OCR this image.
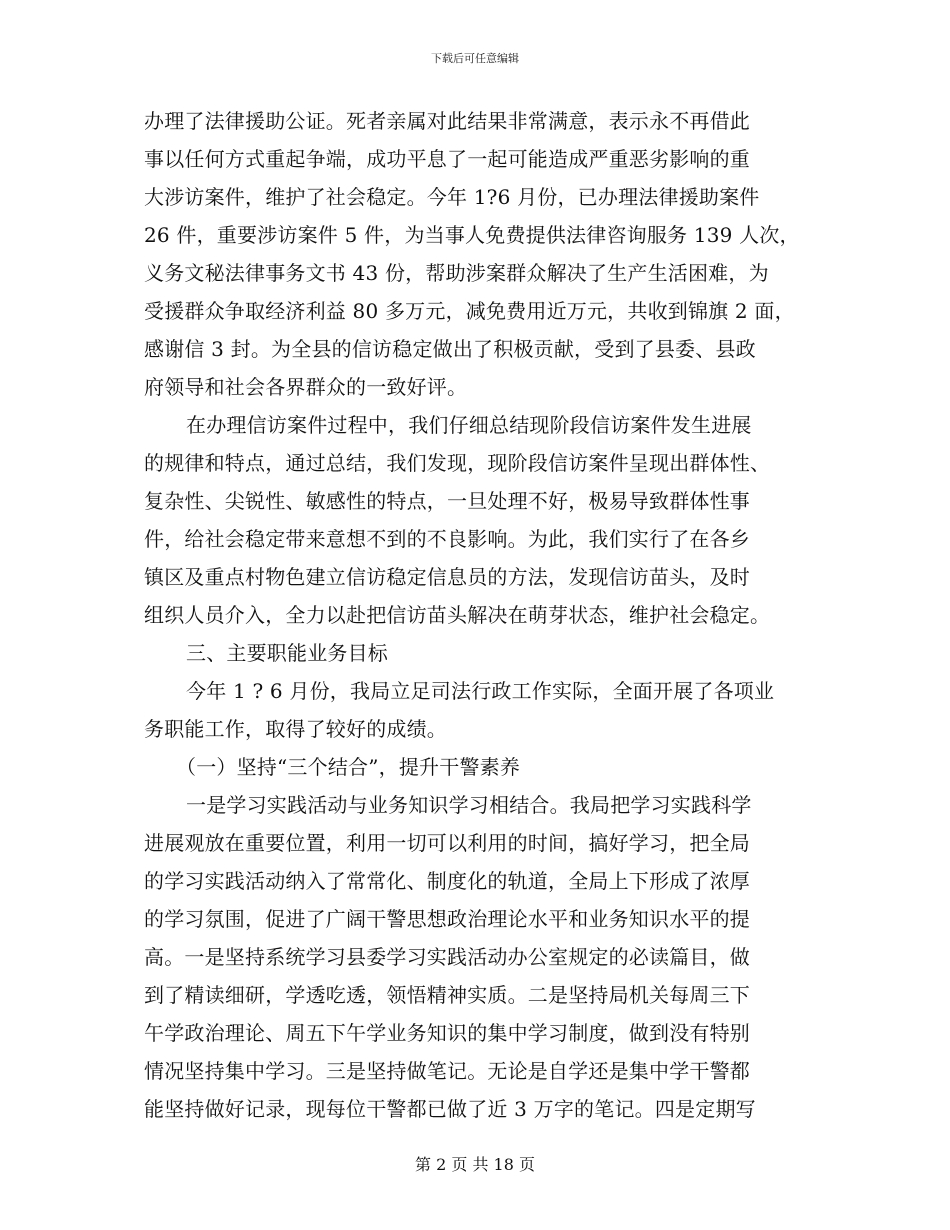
下载后可任意编辑
办理了法律援助公证。死者亲属对此结果非常满意，表示永不再借此
事以任何方式重起争端，成功平息了一起可能造成严重恶劣影响的重
大涉访案件，维护了社会稳定。今年 1?6 月份，已办理法律援助案件
26 件，重要涉访案件 5 件，为当事人免费提供法律咨询服务 139 人次，
义务文秘法律事务文书 43 份，帮助涉案群众解决了生产生活困难，为
受援群众争取经济利益 80 多万元，减免费用近万元，共收到锦旗 2 面，
感谢信 3 封。为全县的信访稳定做出了积极贡献，受到了县委、县政
府领导和社会各界群众的一致好评。
在办理信访案件过程中，我们仔细总结现阶段信访案件发生进展
的规律和特点，通过总结，我们发现，现阶段信访案件呈现出群体性、
复杂性、尖锐性、敏感性的特点，一旦处理不好，极易导致群体性事
件，给社会稳定带来意想不到的不良影响。为此，我们实行了在各乡
镇区及重点村物色建立信访稳定信息员的方法，发现信访苗头，及时
组织人员介入，全力以赴把信访苗头解决在萌芽状态，维护社会稳定。
三、主要职能业务目标
今年 1 ? 6 月份，我局立足司法行政工作实际，全面开展了各项业
务职能工作，取得了较好的成绩。
（一）坚持“三个结合”，提升干警素养
一是学习实践活动与业务知识学习相结合。我局把学习实践科学
进展观放在重要位置，利用一切可以利用的时间，搞好学习，把全局
的学习实践活动纳入了常常化、制度化的轨道，全局上下形成了浓厚
的学习氛围，促进了广阔干警思想政治理论水平和业务知识水平的提
高。一是坚持系统学习县委学习实践活动办公室规定的必读篇目，做
到了精读细研，学透吃透，领悟精神实质。二是坚持局机关每周三下
午学政治理论、周五下午学业务知识的集中学习制度，做到没有特别
情况坚持集中学习。三是坚持做笔记。无论是自学还是集中学干警都
能坚持做好记录，现每位干警都已做了近 3 万字的笔记。四是定期写
第 2 页 共 18 页
